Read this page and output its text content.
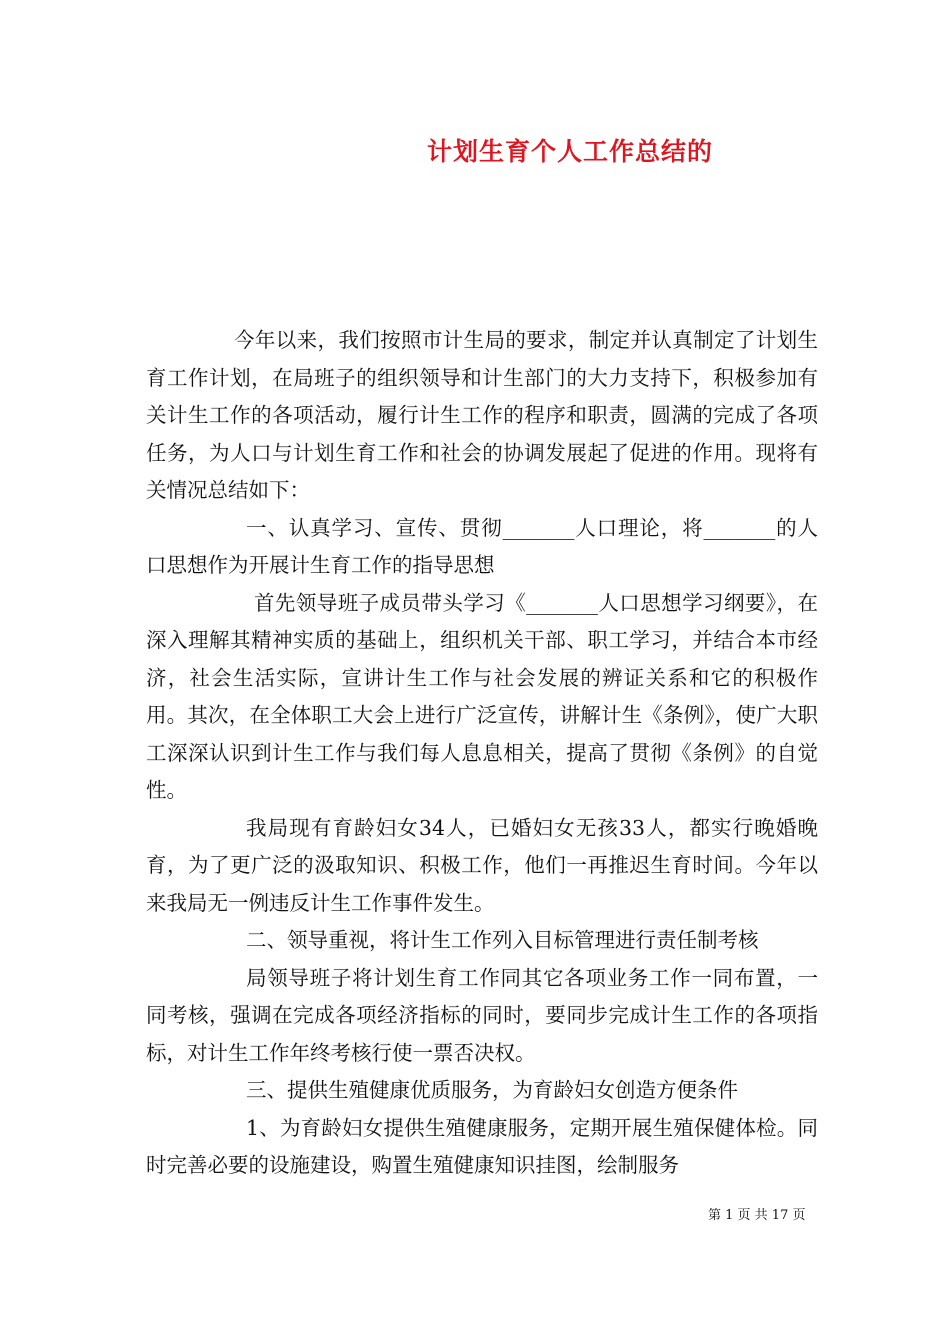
计划生育个人工作总结的

今年以来，我们按照市计生局的要求，制定并认真制定了计划生育工作计划，在局班子的组织领导和计生部门的大力支持下，积极参加有关计生工作的各项活动，履行计生工作的程序和职责，圆满的完成了各项任务，为人口与计划生育工作和社会的协调发展起了促进的作用。现将有关情况总结如下：

一、认真学习、宣传、贯彻_______人口理论，将_______的人口思想作为开展计生育工作的指导思想

首先领导班子成员带头学习《_______人口思想学习纲要》，在深入理解其精神实质的基础上，组织机关干部、职工学习，并结合本市经济，社会生活实际，宣讲计生工作与社会发展的辨证关系和它的积极作用。其次，在全体职工大会上进行广泛宣传，讲解计生《条例》，使广大职工深深认识到计生工作与我们每人息息相关，提高了贯彻《条例》的自觉性。

我局现有育龄妇女34人，已婚妇女无孩33人，都实行晚婚晚育，为了更广泛的汲取知识、积极工作，他们一再推迟生育时间。今年以来我局无一例违反计生工作事件发生。

二、领导重视，将计生工作列入目标管理进行责任制考核

局领导班子将计划生育工作同其它各项业务工作一同布置，一同考核，强调在完成各项经济指标的同时，要同步完成计生工作的各项指标，对计生工作年终考核行使一票否决权。

三、提供生殖健康优质服务，为育龄妇女创造方便条件

1、为育龄妇女提供生殖健康服务，定期开展生殖保健体检。同时完善必要的设施建设，购置生殖健康知识挂图，绘制服务

第 1 页 共 17 页
